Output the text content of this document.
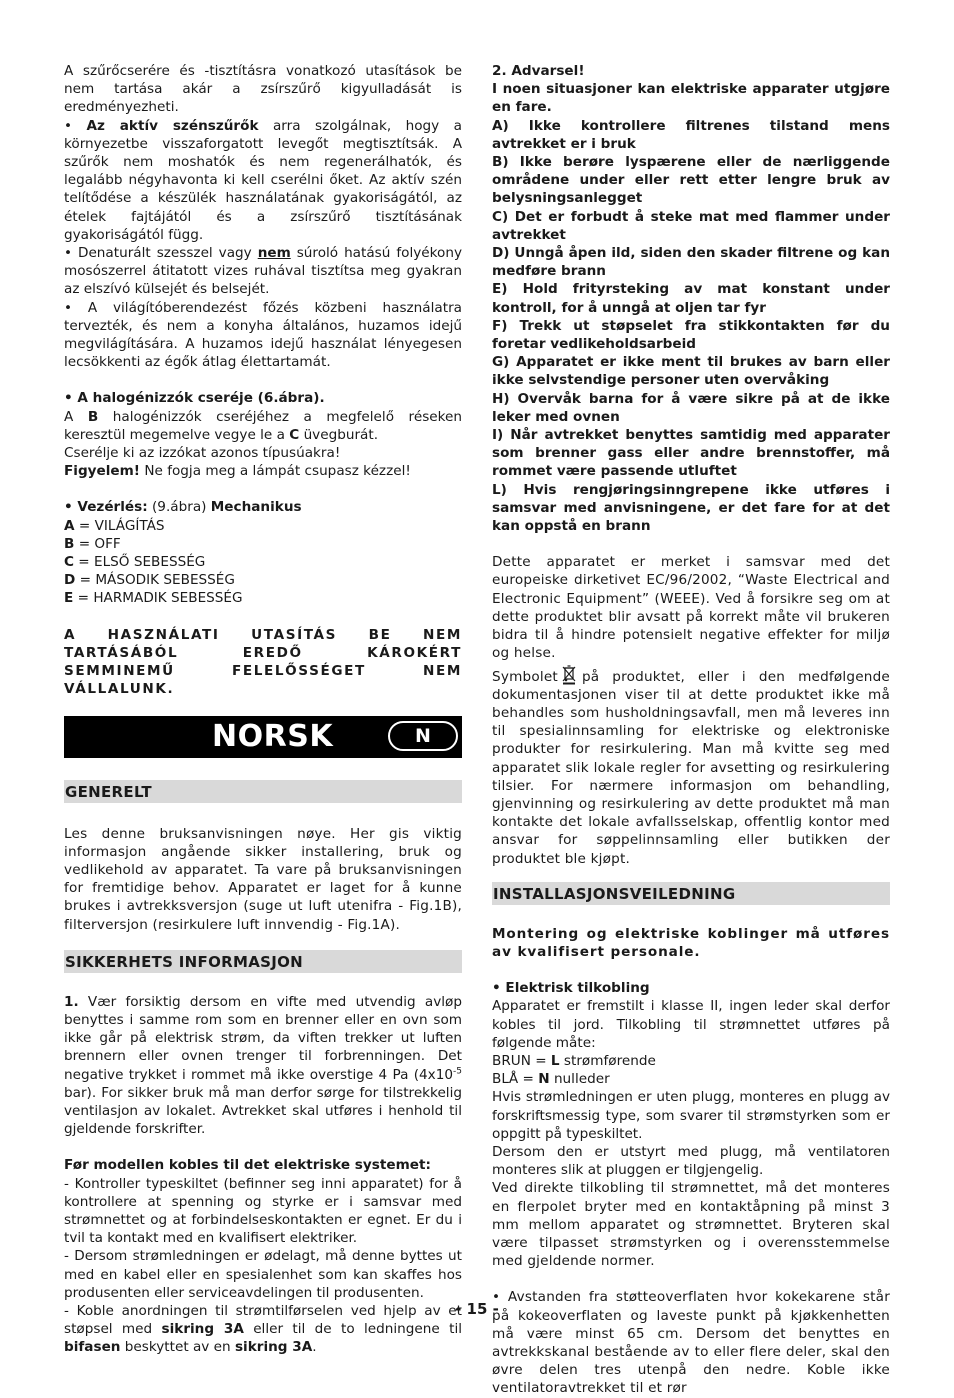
A szűrőcserére és -tisztításra vonatkozó utasítások be nem tartása akár a zsírszűrő kigyulladását is eredményezheti.

• Az aktív szénszűrők arra szolgálnak, hogy a környezetbe visszaforgatott levegőt megtisztítsák. A szűrők nem moshatók és nem regenerálhatók, és legalább négyhavonta ki kell cserélni őket. Az aktív szén telítődése a készülék használatának gyakoriságától, az ételek fajtájától és a zsírszűrő tisztításának gyakoriságától függ.

• Denaturált szesszel vagy nem súroló hatású folyékony mosószerrel átitatott vizes ruhával tisztítsa meg gyakran az elszívó külsejét és belsejét.

• A világítóberendezést főzés közbeni használatra tervezték, és nem a konyha általános, huzamos idejű megvilágítására. A huzamos idejű használat lényegesen lecsökkenti az égők átlag élettartamát.

• A halogénizzók cseréje (6.ábra).

A B halogénizzók cseréjéhez a megfelelő réseken keresztül megemelve vegye le a C üvegburát.

Cserélje ki az izzókat azonos típusúakra!

Figyelem! Ne fogja meg a lámpát csupasz kézzel!

• Vezérlés: (9.ábra) Mechanikus

A = VILÁGÍTÁS

B = OFF

C = ELSŐ SEBESSÉG

D = MÁSODIK SEBESSÉG

E = HARMADIK SEBESSÉG

A HASZNÁLATI UTASÍTÁS BE NEM TARTÁSÁBÓL EREDŐ KÁROKÉRT SEMMINEMŰ FELELŐSSÉGET NEM VÁLLALUNK.

NORSK	N
GENERELT

Les denne bruksanvisningen nøye. Her gis viktig informasjon angående sikker installering, bruk og vedlikehold av apparatet. Ta vare på bruksanvisningen for fremtidige behov. Apparatet er laget for å kunne brukes i avtrekksversjon (suge ut luft utenifra - Fig.1B), filterversjon (resirkulere luft innvendig - Fig.1A).

SIKKERHETS INFORMASJON

1. Vær forsiktig dersom en vifte med utvendig avløp benyttes i samme rom som en brenner eller en ovn som ikke går på elektrisk strøm, da viften trekker ut luften brennern eller ovnen trenger til forbrenningen. Det negative trykket i rommet må ikke overstige 4 Pa ($4x10^{-5}$ bar). For sikker bruk må man derfor sørge for tilstrekkelig ventilasjon av lokalet. Avtrekket skal utføres i henhold til gjeldende forskrifter.

Før modellen kobles til det elektriske systemet:

- Kontroller typeskiltet (befinner seg inni apparatet) for å kontrollere at spenning og styrke er i samsvar med strømnettet og at forbindelseskontakten er egnet. Er du i tvil ta kontakt med en kvalifisert elektriker.

- Dersom strømledningen er ødelagt, må denne byttes ut med en kabel eller en spesialenhet som kan skaffes hos produsenten eller serviceavdelingen til produsenten.

- Koble anordningen til strømtilførselen ved hjelp av et støpsel med sikring 3A eller til de to ledningene til bifasen beskyttet av en sikring 3A.

2. Advarsel!

I noen situasjoner kan elektriske apparater utgjøre en fare.

A) Ikke kontrollere filtrenes tilstand mens avtrekket er i bruk

B) Ikke berøre lyspærene eller de nærliggende områdene under eller rett etter lengre bruk av belysningsanlegget

C) Det er forbudt å steke mat med flammer under avtrekket

D) Unngå åpen ild, siden den skader filtrene og kan medføre brann

E) Hold frityrsteking av mat konstant under kontroll, for å unngå at oljen tar fyr

F) Trekk ut støpselet fra stikkontakten før du foretar vedlikeholdsarbeid

G) Apparatet er ikke ment til brukes av barn eller ikke selvstendige personer uten overvåking

H) Overvåk barna for å være sikre på at de ikke leker med ovnen

I) Når avtrekket benyttes samtidig med apparater som brenner gass eller andre brennstoffer, må rommet være passende utluftet

L) Hvis rengjøringsinngrepene ikke utføres i samsvar med anvisningene, er det fare for at det kan oppstå en brann

Dette apparatet er merket i samsvar med det europeiske dirketivet EC/96/2002, “Waste Electrical and Electronic Equipment” (WEEE). Ved å forsikre seg om at dette produktet blir avsatt på korrekt måte vil brukeren bidra til å hindre potensielt negative effekter for miljø og helse.

Symbolet på produktet, eller i den medfølgende dokumentasjonen viser til at dette produktet ikke må behandles som husholdningsavfall, men må leveres inn til spesialinnsamling for elektriske og elektroniske produkter for resirkulering. Man må kvitte seg med apparatet slik lokale regler for avsetting og resirkulering tilsier. For nærmere informasjon om behandling, gjenvinning og resirkulering av dette produktet må man kontakte det lokale avfallsselskap, offentlig kontor med ansvar for søppelinnsamling eller butikken der produktet ble kjøpt.

INSTALLASJONSVEILEDNING

Montering og elektriske koblinger må utføres av kvalifisert personale.

• Elektrisk tilkobling

Apparatet er fremstilt i klasse II, ingen leder skal derfor kobles til jord. Tilkobling til strømnettet utføres på følgende måte:

BRUN = L strømførende

BLÅ = N nulleder

Hvis strømledningen er uten plugg, monteres en plugg av forskriftsmessig type, som svarer til strømstyrken som er oppgitt på typeskiltet.

Dersom den er utstyrt med plugg, må ventilatoren monteres slik at pluggen er tilgjengelig.

Ved direkte tilkobling til strømnettet, må det monteres en flerpolet bryter med en kontaktåpning på minst 3 mm mellom apparatet og strømnettet. Bryteren skal være tilpasset strømstyrken og i overensstemmelse med gjeldende normer.

• Avstanden fra støtteoverflaten hvor kokekarene står på kokeoverflaten og laveste punkt på kjøkkenhetten må være minst 65 cm. Dersom det benyttes en avtrekkskanal bestående av to eller flere deler, skal den øvre delen tres utenpå den nedre. Koble ikke ventilatoravtrekket til et rør

- 15 -
